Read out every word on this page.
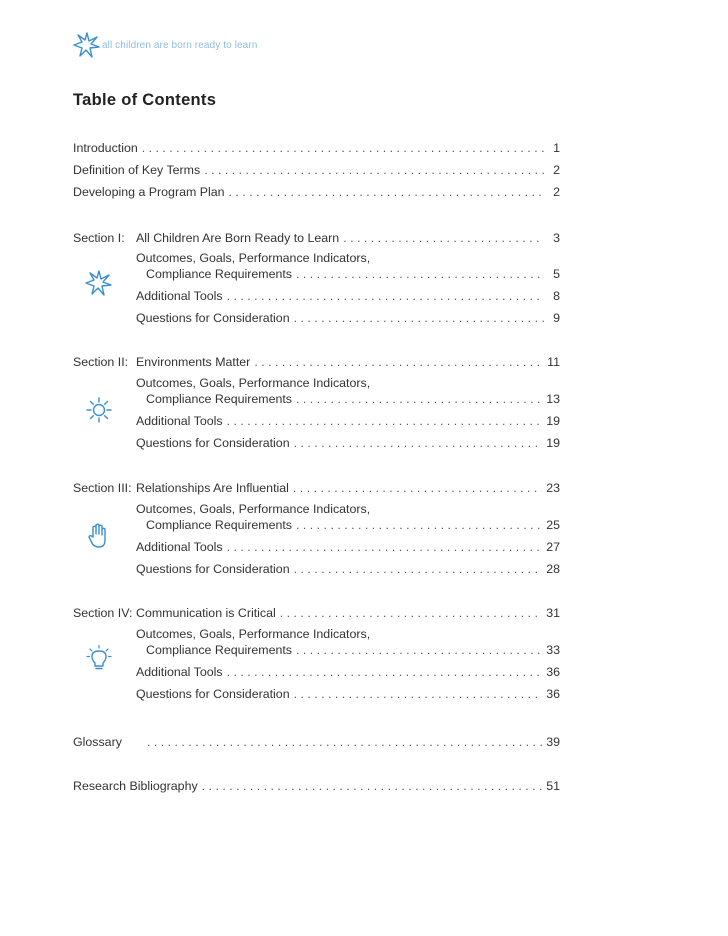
all children are born ready to learn
Table of Contents
Introduction . . .	1
Definition of Key Terms . . .	2
Developing a Program Plan . . .	2
Section I: All Children Are Born Ready to Learn . . .	3
Outcomes, Goals, Performance Indicators,
Compliance Requirements . . .	5
Additional Tools . . .	8
Questions for Consideration . . .	9
Section II: Environments Matter . . .	11
Outcomes, Goals, Performance Indicators,
Compliance Requirements . . .	13
Additional Tools . . .	19
Questions for Consideration . . .	19
Section III: Relationships Are Influential . . .	23
Outcomes, Goals, Performance Indicators,
Compliance Requirements . . .	25
Additional Tools . . .	27
Questions for Consideration . . .	28
Section IV: Communication is Critical . . .	31
Outcomes, Goals, Performance Indicators,
Compliance Requirements . . .	33
Additional Tools . . .	36
Questions for Consideration . . .	36
Glossary . . .	39
Research Bibliography . . .	51
